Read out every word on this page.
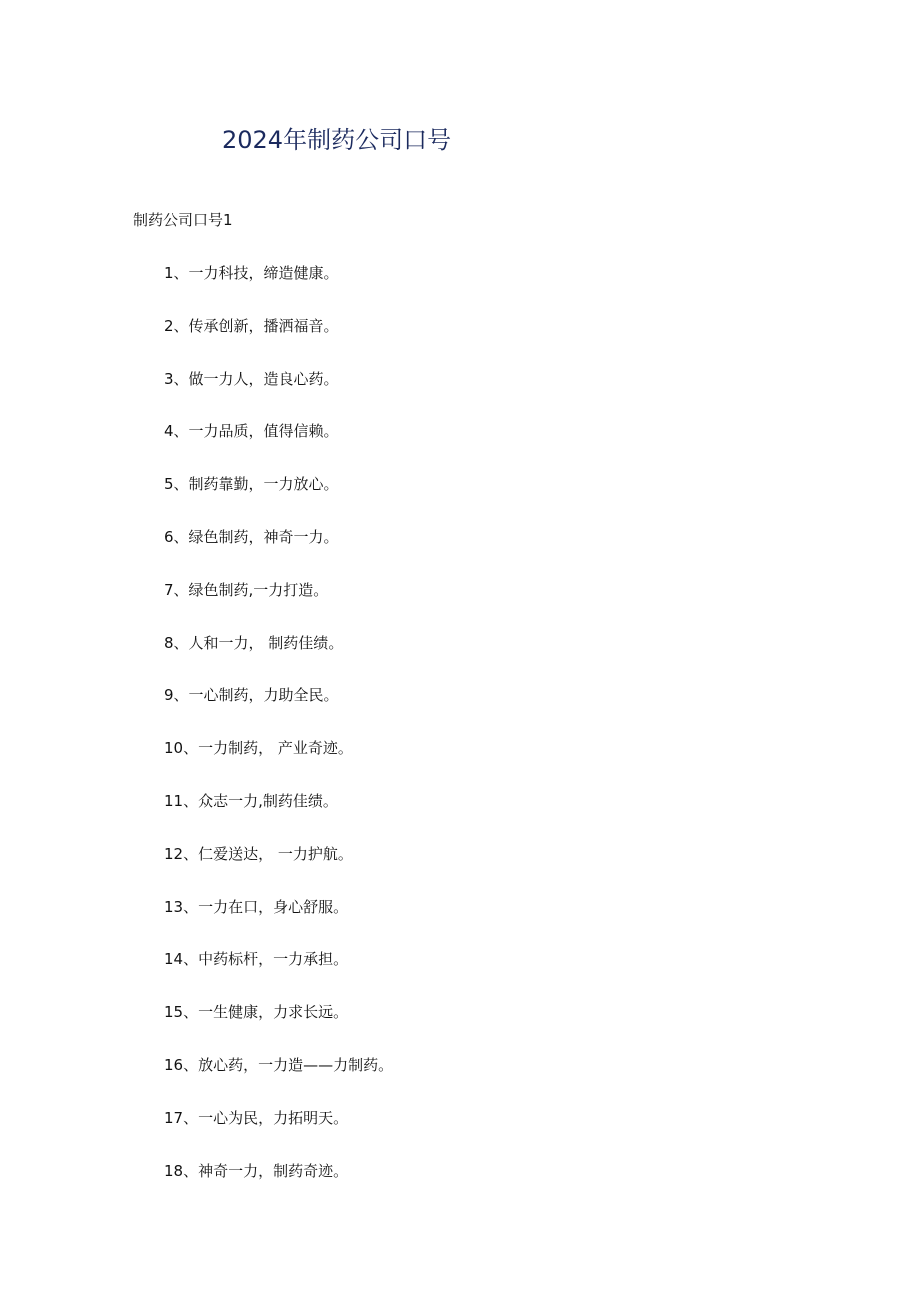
2024年制药公司口号
制药公司口号1
1、一力科技，缔造健康。
2、传承创新，播洒福音。
3、做一力人，造良心药。
4、一力品质，值得信赖。
5、制药靠勤，一力放心。
6、绿色制药，神奇一力。
7、绿色制药,一力打造。
8、人和一力， 制药佳绩。
9、一心制药，力助全民。
10、一力制药， 产业奇迹。
11、众志一力,制药佳绩。
12、仁爱送达， 一力护航。
13、一力在口，身心舒服。
14、中药标杆，一力承担。
15、一生健康，力求长远。
16、放心药，一力造——力制药。
17、一心为民，力拓明天。
18、神奇一力，制药奇迹。
